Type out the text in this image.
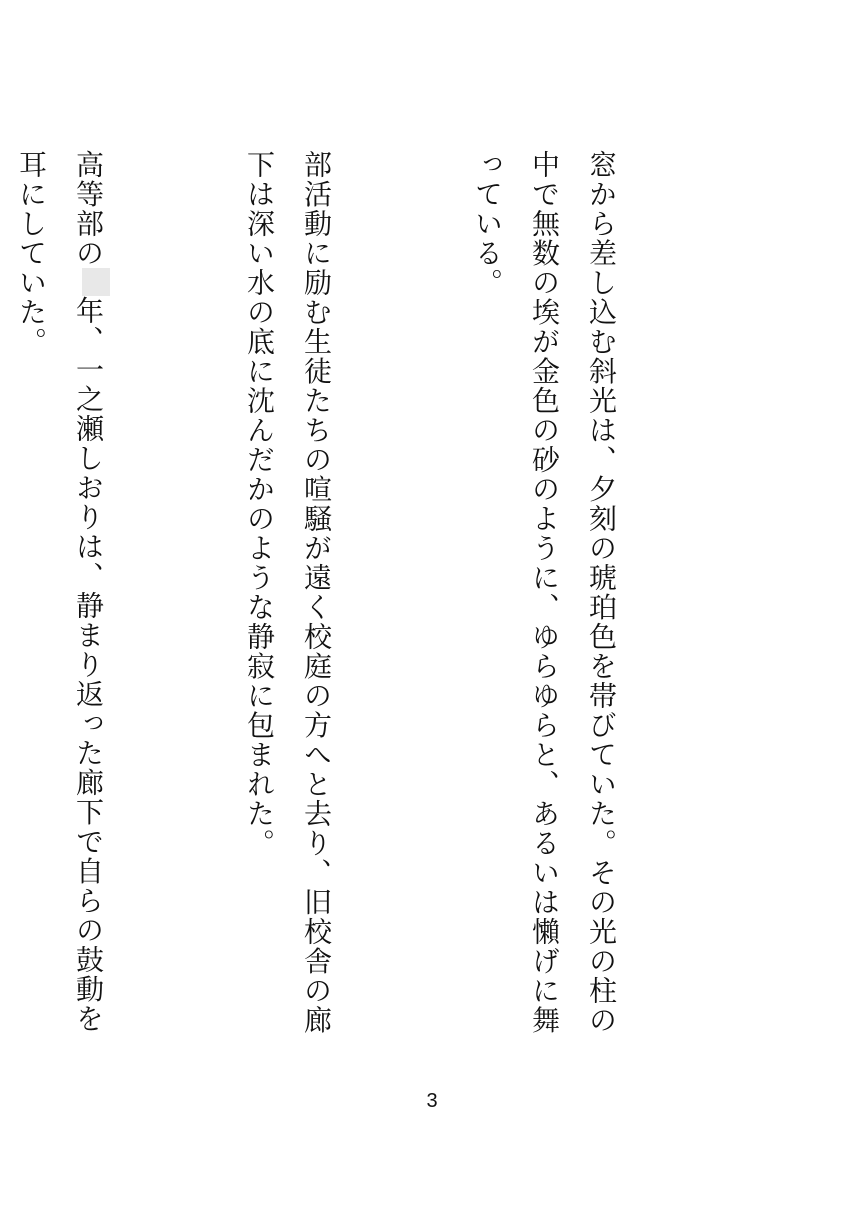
窓から差し込む斜光は、夕刻の琥珀色を帯びていた。その光の柱の中で無数の埃が金色の砂のように、ゆらゆらと、あるいは懶げに舞っている。

部活動に励む生徒たちの喧騒が遠く校庭の方へと去り、旧校舎の廊下は深い水の底に沈んだかのような静寂に包まれた。

高等部の年、一之瀬しおりは、静まり返った廊下で自らの鼓動を耳にしていた。

3
